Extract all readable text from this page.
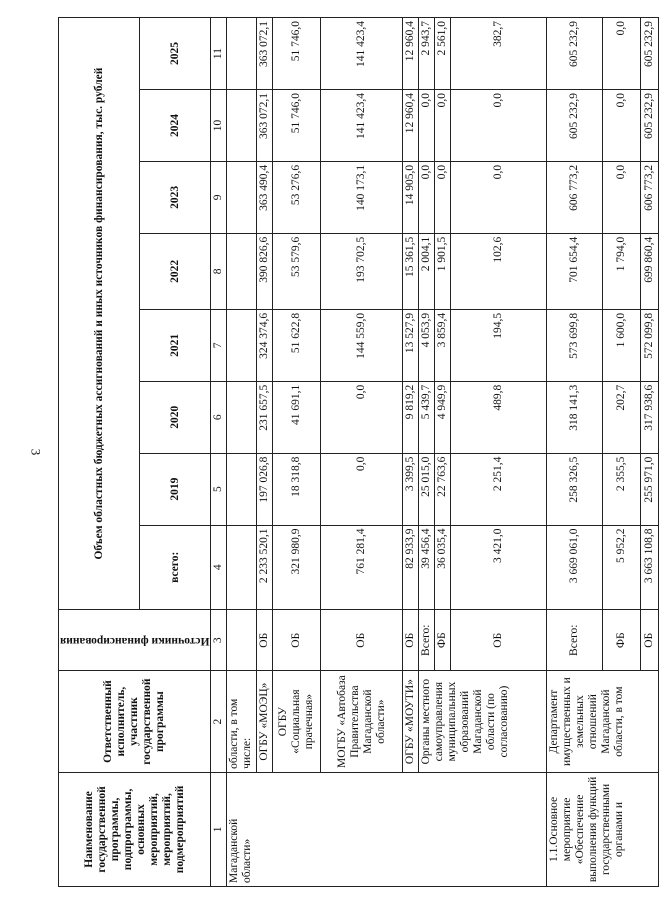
3
Наименование государственной программы, подпрограммы, основных мероприятий, мероприятий, подмероприятий	Ответственный исполнитель, участник государственной программы	Источники финансирования	Объем областных бюджетных ассигнований и иных источников финансирования, тыс. рублей							
			всего:	2019	2020	2021	2022	2023	2024	2025
1	2	3	4	5	6	7	8	9	10	11
Магаданской области»	области, в том числе:									
	ОГБУ «МОЭЦ»	ОБ	2 233 520,1	197 026,8	231 657,5	324 374,6	390 826,6	363 490,4	363 072,1	363 072,1
	ОГБУ «Социальная прачечная»	ОБ	321 980,9	18 318,8	41 691,1	51 622,8	53 579,6	53 276,6	51 746,0	51 746,0
	МОГБУ «Автобаза Правительства Магаданской области»	ОБ	761 281,4	0,0	0,0	144 559,0	193 702,5	140 173,1	141 423,4	141 423,4
	ОГБУ «МОУТИ»	ОБ	82 933,9	3 399,5	9 819,2	13 527,9	15 361,5	14 905,0	12 960,4	12 960,4
	Органы местного самоуправления муниципальных образований Магаданской области (по согласованию)	Всего:	39 456,4	25 015,0	5 439,7	4 053,9	2 004,1	0,0	0,0	2 943,7
		ФБ	36 035,4	22 763,6	4 949,9	3 859,4	1 901,5	0,0	0,0	2 561,0
		ОБ	3 421,0	2 251,4	489,8	194,5	102,6	0,0	0,0	382,7
1.1.Основное мероприятие «Обеспечение выполнения функций государственными органами и	Департамент имущественных и земельных отношений Магаданской области, в том	Всего:	3 669 061,0	258 326,5	318 141,3	573 699,8	701 654,4	606 773,2	605 232,9	605 232,9
		ФБ	5 952,2	2 355,5	202,7	1 600,0	1 794,0	0,0	0,0	0,0
		ОБ	3 663 108,8	255 971,0	317 938,6	572 099,8	699 860,4	606 773,2	605 232,9	605 232,9
